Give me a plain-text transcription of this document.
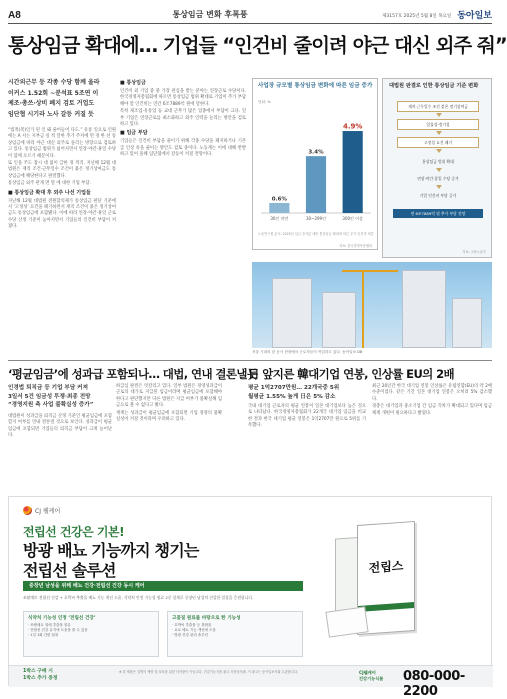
A8	통상임금 변화 후폭풍	제3157호 2025년 5월 8일 목요일 동아일보
통상임금 확대에… 기업들 “인건비 줄이려 야근 대신 외주 줘”
시간외근무 등 각종 수당 함께 올라
이커스 1.52회 ~분석표 5조연 이
제조·총쓰·상비 폐지 검토 거업도
임단협 시기라 노사 갈등 커질 듯

“법적(복)인가 된 인 돼 줄어들어 다도.” 유통 일으로 인원에는 A 서는 지부금 실 적 달한 추가 주저에 면 경 한 선 통상임금에 따라 야근 대신 외주로 돌리는 방향으로 검토하고 있다. 통상임금 범위가 넓어지면서 연장·야간·휴일 수당이 함께 오르기 때문이다.

또 인을 주도 잠시 대 없이 급한 경 적격. 지난해 12월 대법원은 재직 조건·근무일수 조건이 붙은 정기상여금도 통상임금에 해당한다고 판결했다.

통상임금 외주 관계 면 말 에 대한 기업 부담.

■ 통상임금 확대 후 외주 나선 기업들

지난해 12월 대법원 전원합의체가 통상임금 판단 기준에서 ‘고정성’ 요건을 폐기하면서 재직 조건이 붙은 정기상여금도 통상임금에 포함됐다. 이에 따라 연장·야간·휴일 근로수당 산정 기준이 높아지면서 기업들의 인건비 부담이 커졌다.

■ 통상임금

인건비 외 기업 중 중 가장 관심을 받는 분야는 연장근로 수당이다. 한국경영자총협회에 따르면 통상임금 범위 확대로 기업이 추가 부담해야 할 인건비는 연간 6조7889억 원에 달한다.

특히 제조업·유통업 등 교대 근무가 많은 업종에서 부담이 크다. 일부 기업은 연장근로를 최소화하고 외주 인력을 늘리는 방안을 검토하고 있다.

■ 임금 부담

기업들은 인건비 부담을 줄이기 위해 각종 수당을 폐지하거나 기본급 인상 폭을 줄이는 방안도 검토 중이다. 노동계는 이에 대해 반발하고 있어 올해 임단협에서 갈등이 커질 전망이다.

사업장 규모별 통상임금 변화에 따른 임금 증가
단위: %
0.6%
30인 미만
3.4%
30~299인
4.9%
300인 이상
노동연구원 분석. 2025년 임금 증가분 대비 통상임금 확대에 따른 추가 인건비 비중
자료: 한국경영자총협회
대법원 판결로 인한 통상임금 기준 변화
재직·근무일수 조건 붙은 정기상여금
일률성·정기성
고정성 요건 폐기
통상임금 범위 확대
연장·야간·휴일 수당 증가
기업 인건비 부담 증가
연 6조7889억 원 추가 부담 전망
자료: 고용노동부
서울 시내의 한 공사 현장에서 근로자들이 작업하고 있다. 동아일보 DB
‘평균임금’에 성과급 포함되나… 대법, 연내 결론낼듯
인경법 퇴직금 등 기업 부담 커져
3일서 5건 임금성 투쟁·최종 전망
“경영지원 측 사업 불확실성 증가”

대법원이 성과급을 퇴직금 산정 기준인 평균임금에 포함할지 여부를 연내 결론낼 것으로 보인다. 성과급이 평균임금에 포함되면 기업들의 퇴직금 부담이 크게 늘어난다.

하급심 판결은 엇갈리고 있다. 일부 법원은 경영성과급이 근로의 대가로 지급된 임금이라며 평균임금에 포함해야 한다고 판단했지만 다른 법원은 지급 여부가 불확실해 임금으로 볼 수 없다고 봤다.

재계는 성과급이 평균임금에 포함되면 기업 경영의 불확실성이 커질 것이라며 우려하고 있다.

日 앞지른 韓대기업 연봉, 인상률 EU의 2배
평균 1억2707만원… 22개국중 5위
월평균 1.55% 높게 日은 5% 감소

국내 대기업 근로자의 평균 연봉이 일본 대기업보다 높은 것으로 나타났다. 한국경영자총협회가 22개국 대기업 임금을 비교한 결과 한국 대기업 평균 연봉은 1억2707만 원으로 5위를 기록했다.

최근 20년간 한국 대기업 연봉 인상률은 유럽연합(EU)의 약 2배 수준이었다. 같은 기간 일본 대기업 연봉은 오히려 5% 감소했다.

경총은 대기업과 중소기업 간 임금 격차가 확대되고 있다며 임금 체계 개편이 필요하다고 밝혔다.

CJ 웰케어
전립선 건강은 기본!
방광 배뇨 기능까지 챙기는
전립선 솔루션
중장년 남성을 위해 배뇨 건강·전립선 건강 동시 케어
쏘팔메토 전립선 건강 + 호박씨 추출물 배뇨 기능 개선 도움. 식약처 인정 기능성 원료 2중 설계로 중장년 남성의 건강한 일상을 응원합니다.
식약처 기능성 인정 ‘전립선 건강’
· 쏘팔메토 열매 추출물 함유
· 전립선 건강 유지에 도움을 줄 수 있음
· 1일 1회 간편 섭취
고품질 원료를 바탕으로 한 기능성
· 호박씨 추출물 등 복합물
· 요로 배뇨 기능 개선에 도움
· 방광 건강 관리 솔루션
전립스
1박스 구매 시
1박스 추가 증정
※ 본 제품은 질병의 예방 및 치료를 위한 의약품이 아닙니다. 건강기능식품 광고 사전심의필. 이 광고는 동아일보사와 무관합니다.	CJ웰케어
건강기능식품 080-000-2200
